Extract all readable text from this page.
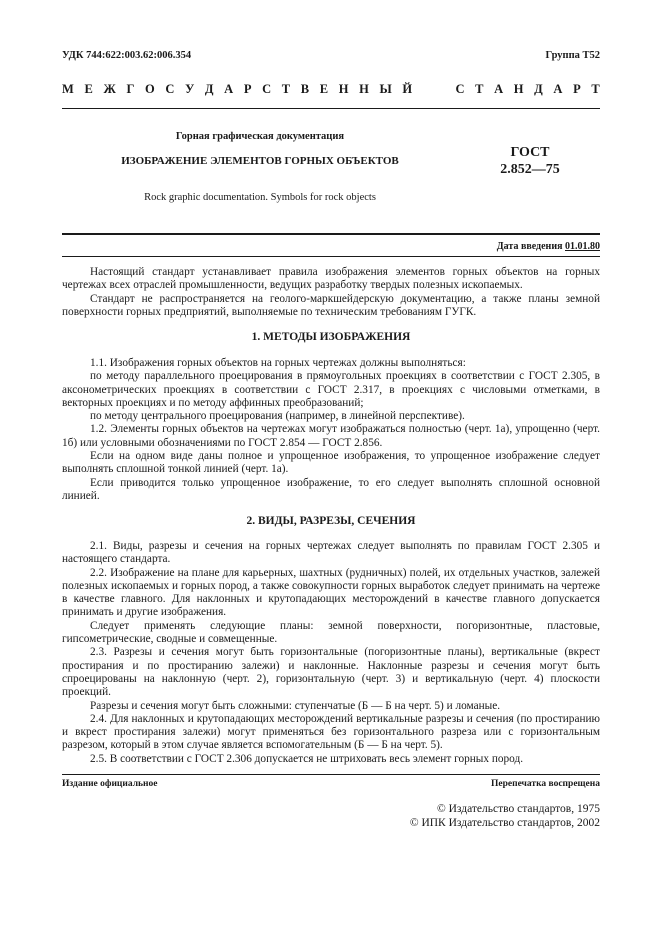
УДК 744:622:003.62:006.354	Группа Т52
М Е Ж Г О С У Д А Р С Т В Е Н Н Ы Й	С Т А Н Д А Р Т
Горная графическая документация
ИЗОБРАЖЕНИЕ ЭЛЕМЕНТОВ ГОРНЫХ ОБЪЕКТОВ
Rock graphic documentation. Symbols for rock objects
ГОСТ
2.852—75
Дата введения 01.01.80

Настоящий стандарт устанавливает правила изображения элементов горных объектов на горных чертежах всех отраслей промышленности, ведущих разработку твердых полезных ископаемых.

Стандарт не распространяется на геолого-маркшейдерскую документацию, а также планы земной поверхности горных предприятий, выполняемые по техническим требованиям ГУГК.

1. МЕТОДЫ ИЗОБРАЖЕНИЯ

1.1. Изображения горных объектов на горных чертежах должны выполняться:

по методу параллельного проецирования в прямоугольных проекциях в соответствии с ГОСТ 2.305, в аксонометрических проекциях в соответствии с ГОСТ 2.317, в проекциях с числовыми отметками, в векторных проекциях и по методу аффинных преобразований;

по методу центрального проецирования (например, в линейной перспективе).

1.2. Элементы горных объектов на чертежах могут изображаться полностью (черт. 1а), упрощенно (черт. 1б) или условными обозначениями по ГОСТ 2.854 — ГОСТ 2.856.

Если на одном виде даны полное и упрощенное изображения, то упрощенное изображение следует выполнять сплошной тонкой линией (черт. 1а).

Если приводится только упрощенное изображение, то его следует выполнять сплошной основной линией.

2. ВИДЫ, РАЗРЕЗЫ, СЕЧЕНИЯ

2.1. Виды, разрезы и сечения на горных чертежах следует выполнять по правилам ГОСТ 2.305 и настоящего стандарта.

2.2. Изображение на плане для карьерных, шахтных (рудничных) полей, их отдельных участков, залежей полезных ископаемых и горных пород, а также совокупности горных выработок следует принимать на чертеже в качестве главного. Для наклонных и крутопадающих месторождений в качестве главного допускается принимать и другие изображения.

Следует применять следующие планы: земной поверхности, погоризонтные, пластовые, гипсометрические, сводные и совмещенные.

2.3. Разрезы и сечения могут быть горизонтальные (погоризонтные планы), вертикальные (вкрест простирания и по простиранию залежи) и наклонные. Наклонные разрезы и сечения могут быть спроецированы на наклонную (черт. 2), горизонтальную (черт. 3) и вертикальную (черт. 4) плоскости проекций.

Разрезы и сечения могут быть сложными: ступенчатые (Б — Б на черт. 5) и ломаные.

2.4. Для наклонных и крутопадающих месторождений вертикальные разрезы и сечения (по простиранию и вкрест простирания залежи) могут применяться без горизонтального разреза или с горизонтальным разрезом, который в этом случае является вспомогательным (Б — Б на черт. 5).

2.5. В соответствии с ГОСТ 2.306 допускается не штриховать весь элемент горных пород.

Издание официальное	Перепечатка воспрещена
© Издательство стандартов, 1975
© ИПК Издательство стандартов, 2002
